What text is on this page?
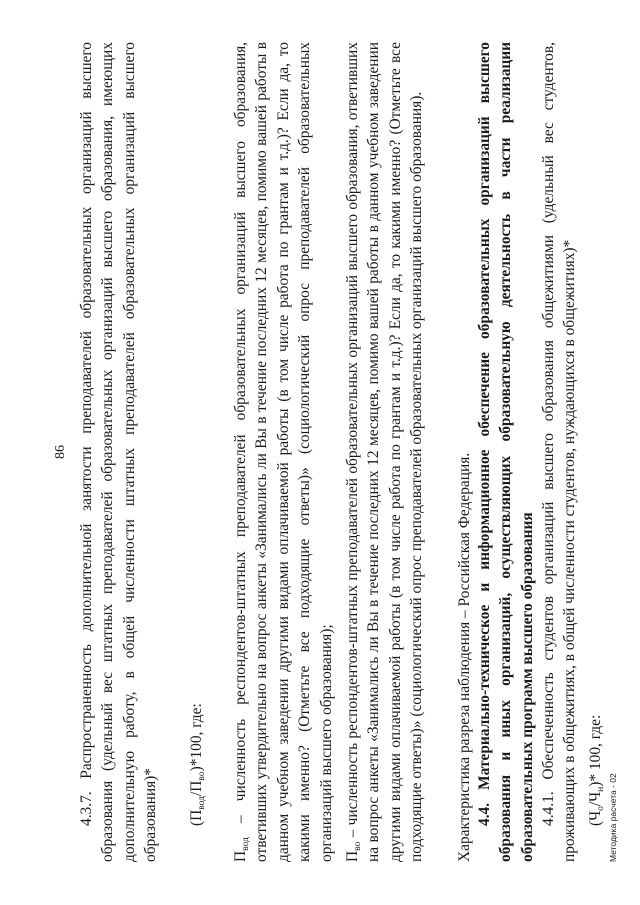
86 4.3.7. Распространенность дополнительной занятости преподавателей образовательных организаций высшего образования (удельный вес штатных преподавателей образовательных организаций высшего образования, имеющих дополнительную работу, в общей численности штатных преподавателей образовательных организаций высшего образования)* $(П_{вод}/П_{во})*100$, где:

$П_{вод}$ – численность респондентов-штатных преподавателей образовательных организаций высшего образования, ответивших утвердительно на вопрос анкеты «Занимались ли Вы в течение последних 12 месяцев, помимо вашей работы в данном учебном заведении другими видами оплачиваемой работы (в том числе работа по грантам и т.д.)? Если да, то какими именно? (Отметьте все подходящие ответы)» (социологический опрос преподавателей образовательных организаций высшего образования); $П_{во}$ – численность респондентов-штатных преподавателей образовательных организаций высшего образования, ответивших на вопрос анкеты «Занимались ли Вы в течение последних 12 месяцев, помимо вашей работы в данном учебном заведении другими видами оплачиваемой работы (в том числе работа по грантам и т.д.)? Если да, то какими именно? (Отметьте все подходящие ответы)» (социологический опрос преподавателей образовательных организаций высшего образования). Характеристика разреза наблюдения – Российская Федерация. 4.4. Материально-техническое и информационное обеспечение образовательных организаций высшего образования и иных организаций, осуществляющих образовательную деятельность в части реализации образовательных программ высшего образования 4.4.1. Обеспеченность студентов организаций высшего образования общежитиями (удельный вес студентов, проживающих в общежитиях, в общей численности студентов, нуждающихся в общежитиях)* $(Ч_о/Ч_н)*$ 100, где:

Методика расчета - 02
